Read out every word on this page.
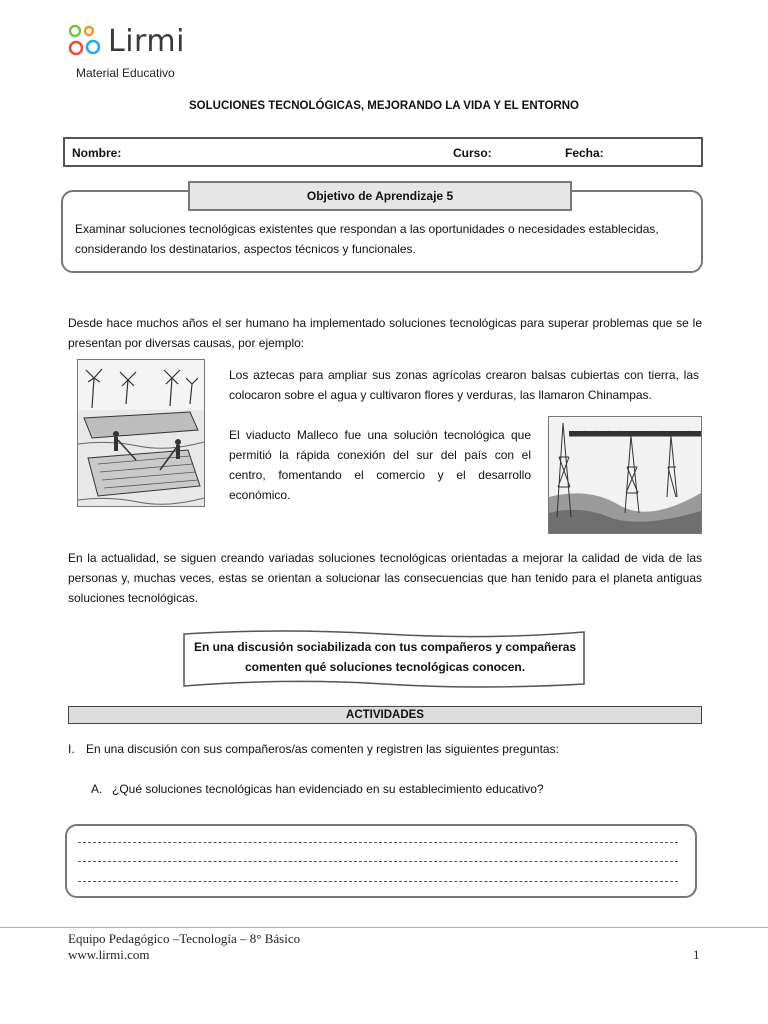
Lirmi
Material Educativo
SOLUCIONES TECNOLÓGICAS, MEJORANDO LA VIDA Y EL ENTORNO
Nombre:	Curso:	Fecha:
Objetivo de Aprendizaje 5
Examinar soluciones tecnológicas existentes que respondan a las oportunidades o necesidades establecidas, considerando los destinatarios, aspectos técnicos y funcionales.
Desde hace muchos años el ser humano ha implementado soluciones tecnológicas para superar problemas que se le presentan por diversas causas, por ejemplo:
Los aztecas para ampliar sus zonas agrícolas crearon balsas cubiertas con tierra, las colocaron sobre el agua y cultivaron flores y verduras, las llamaron Chinampas.
El viaducto Malleco fue una solución tecnológica que permitió la rápida conexión del sur del país con el centro, fomentando el comercio y el desarrollo económico.
En la actualidad, se siguen creando variadas soluciones tecnológicas orientadas a mejorar la calidad de vida de las personas y, muchas veces, estas se orientan a solucionar las consecuencias que han tenido para el planeta antiguas soluciones tecnológicas.
En una discusión sociabilizada con tus compañeros y compañeras comenten qué soluciones tecnológicas conocen.
ACTIVIDADES
I. En una discusión con sus compañeros/as comenten y registren las siguientes preguntas:
A. ¿Qué soluciones tecnológicas han evidenciado en su establecimiento educativo?
Equipo Pedagógico –Tecnología – 8° Básico
www.lirmi.com	1
